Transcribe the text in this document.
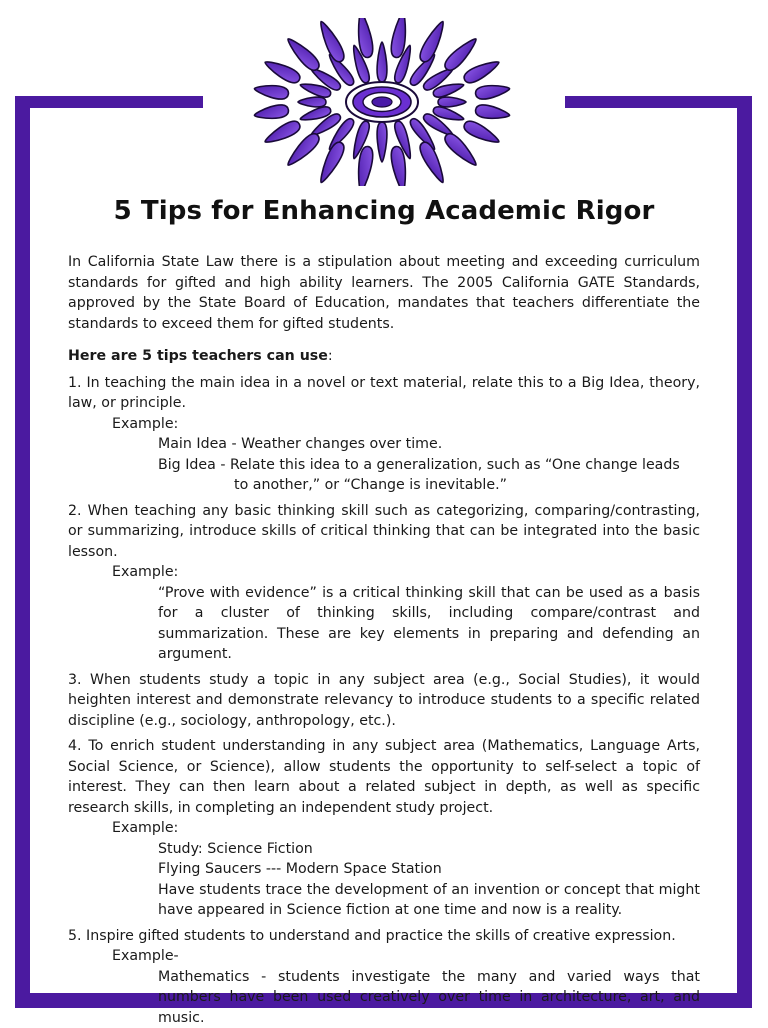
5 Tips for Enhancing Academic Rigor

In California State Law there is a stipulation about meeting and exceeding curriculum standards for gifted and high ability learners. The 2005 California GATE Standards, approved by the State Board of Education, mandates that teachers differentiate the standards to exceed them for gifted students.

Here are 5 tips teachers can use:

1. In teaching the main idea in a novel or text material, relate this to a Big Idea, theory, law, or principle.

Example:

Main Idea - Weather changes over time.

Big Idea - Relate this idea to a generalization, such as “One change leads

to another,” or “Change is inevitable.”

2. When teaching any basic thinking skill such as categorizing, comparing/contrasting, or summarizing, introduce skills of critical thinking that can be integrated into the basic lesson.

Example:

“Prove with evidence” is a critical thinking skill that can be used as a basis for a cluster of thinking skills, including compare/contrast and summarization. These are key elements in preparing and defending an argument.

3. When students study a topic in any subject area (e.g., Social Studies), it would heighten interest and demonstrate relevancy to introduce students to a specific related discipline (e.g., sociology, anthropology, etc.).

4. To enrich student understanding in any subject area (Mathematics, Language Arts, Social Science, or Science), allow students the opportunity to self-select a topic of interest. They can then learn about a related subject in depth, as well as specific research skills, in completing an independent study project.

Example:

Study: Science Fiction

Flying Saucers --- Modern Space Station

Have students trace the development of an invention or concept that might have appeared in Science fiction at one time and now is a reality.

5. Inspire gifted students to understand and practice the skills of creative expression.

Example-

Mathematics - students investigate the many and varied ways that numbers have been used creatively over time in architecture, art, and music.
